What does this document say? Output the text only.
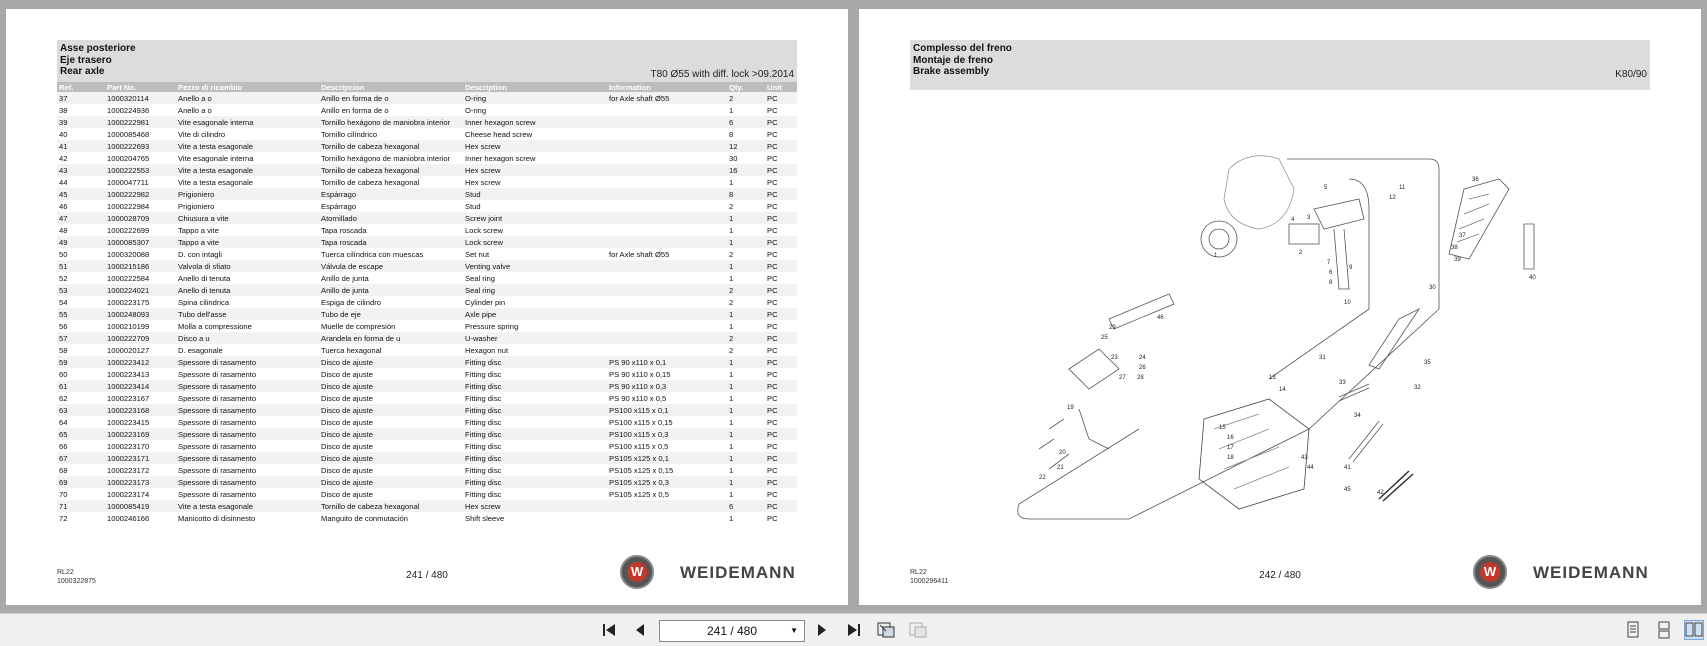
Asse posteriore
Eje trasero
Rear axle	T80 Ø55 with diff. lock >09.2014
Ref.	Part No.	Pezzo di ricambio	Descripcion	Description	Information	Qty.	Unit
37	1000320114	Anello a o	Anillo en forma de o	O-ring	for Axle shaft Ø55	2	PC
38	1000224936	Anello a o	Anillo en forma de o	O-ring		1	PC
39	1000222981	Vite esagonale interna	Tornillo hexágono de maniobra interior	Inner hexagon screw		6	PC
40	1000085468	Vite di cilindro	Tornillo cilíndrico	Cheese head screw		8	PC
41	1000222693	Vite a testa esagonale	Tornillo de cabeza hexagonal	Hex screw		12	PC
42	1000204765	Vite esagonale interna	Tornillo hexágono de maniobra interior	Inner hexagon screw		30	PC
43	1000222553	Vite a testa esagonale	Tornillo de cabeza hexagonal	Hex screw		16	PC
44	1000047711	Vite a testa esagonale	Tornillo de cabeza hexagonal	Hex screw		1	PC
45	1000222982	Prigioniero	Espárrago	Stud		8	PC
46	1000222984	Prigioniero	Espárrago	Stud		2	PC
47	1000028709	Chiusura a vite	Atornillado	Screw joint		1	PC
48	1000222699	Tappo a vite	Tapa roscada	Lock screw		1	PC
49	1000085307	Tappo a vite	Tapa roscada	Lock screw		1	PC
50	1000320088	D. con intagli	Tuerca cilíndrica con muescas	Set nut	for Axle shaft Ø55	2	PC
51	1000215186	Valvola di sfiato	Válvula de escape	Venting valve		1	PC
52	1000222584	Anello di tenuta	Anillo de junta	Seal ring		1	PC
53	1000224021	Anello di tenuta	Anillo de junta	Seal ring		2	PC
54	1000223175	Spina cilindrica	Espiga de cilindro	Cylinder pin		2	PC
55	1000248093	Tubo dell'asse	Tubo de eje	Axle pipe		1	PC
56	1000210199	Molla a compressione	Muelle de compresión	Pressure spring		1	PC
57	1000222709	Disco a u	Arandela en forma de u	U-washer		2	PC
58	1000020127	D. esagonale	Tuerca hexagonal	Hexagon nut		2	PC
59	1000223412	Spessore di rasamento	Disco de ajuste	Fitting disc	PS 90 x110 x 0,1	1	PC
60	1000223413	Spessore di rasamento	Disco de ajuste	Fitting disc	PS 90 x110 x 0,15	1	PC
61	1000223414	Spessore di rasamento	Disco de ajuste	Fitting disc	PS 90 x110 x 0,3	1	PC
62	1000223167	Spessore di rasamento	Disco de ajuste	Fitting disc	PS 90 x110 x 0,5	1	PC
63	1000223168	Spessore di rasamento	Disco de ajuste	Fitting disc	PS100 x115 x 0,1	1	PC
64	1000223415	Spessore di rasamento	Disco de ajuste	Fitting disc	PS100 x115 x 0,15	1	PC
65	1000223169	Spessore di rasamento	Disco de ajuste	Fitting disc	PS100 x115 x 0,3	1	PC
66	1000223170	Spessore di rasamento	Disco de ajuste	Fitting disc	PS100 x115 x 0,5	1	PC
67	1000223171	Spessore di rasamento	Disco de ajuste	Fitting disc	PS105 x125 x 0,1	1	PC
68	1000223172	Spessore di rasamento	Disco de ajuste	Fitting disc	PS105 x125 x 0,15	1	PC
69	1000223173	Spessore di rasamento	Disco de ajuste	Fitting disc	PS105 x125 x 0,3	1	PC
70	1000223174	Spessore di rasamento	Disco de ajuste	Fitting disc	PS105 x125 x 0,5	1	PC
71	1000085419	Vite a testa esagonale	Tornillo de cabeza hexagonal	Hex screw		6	PC
72	1000246166	Manicotto di disinnesto	Manguito de conmutación	Shift sleeve		1	PC
RL22
1000322875
241 / 480	W WEIDEMANN
Complesso del freno
Montaje de freno
Brake assembly	K80/90
1	2
3
4
5
6
7
8
9
10
11
12
13
14
15
16
17
18
19
20
21
22
23	24
25
26
27 28
29
30
31
32
33
34
35
36
37
38
39
40
41
42
43
44
45
46
RL22
1000296411
242 / 480	W WEIDEMANN
241 / 480	▼
